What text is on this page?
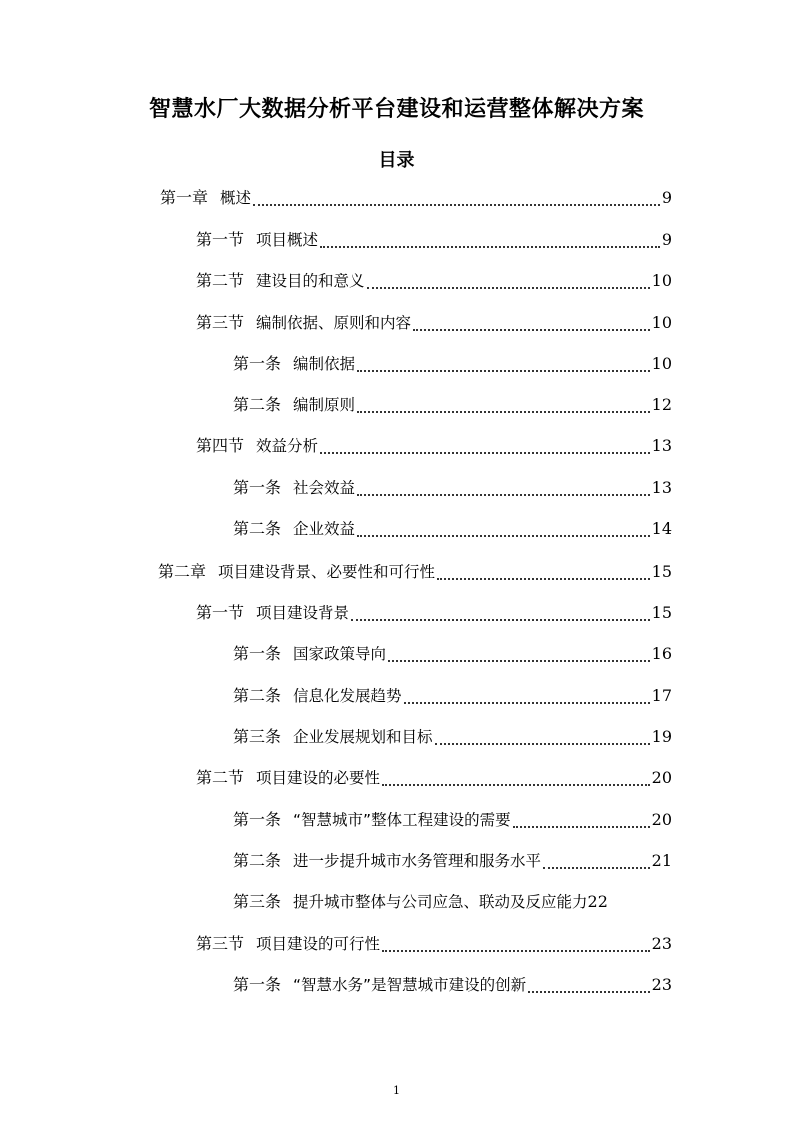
智慧水厂大数据分析平台建设和运营整体解决方案
目录
第一章 概述	9
第一节 项目概述	9
第二节 建设目的和意义	10
第三节 编制依据、原则和内容	10
第一条 编制依据	10
第二条 编制原则	12
第四节 效益分析	13
第一条 社会效益	13
第二条 企业效益	14
第二章 项目建设背景、必要性和可行性	15
第一节 项目建设背景	15
第一条 国家政策导向	16
第二条 信息化发展趋势	17
第三条 企业发展规划和目标	19
第二节 项目建设的必要性	20
第一条 “智慧城市”整体工程建设的需要	20
第二条 进一步提升城市水务管理和服务水平	21
第三条 提升城市整体与公司应急、联动及反应能力 22
第三节 项目建设的可行性	23
第一条 “智慧水务”是智慧城市建设的创新	23
1
